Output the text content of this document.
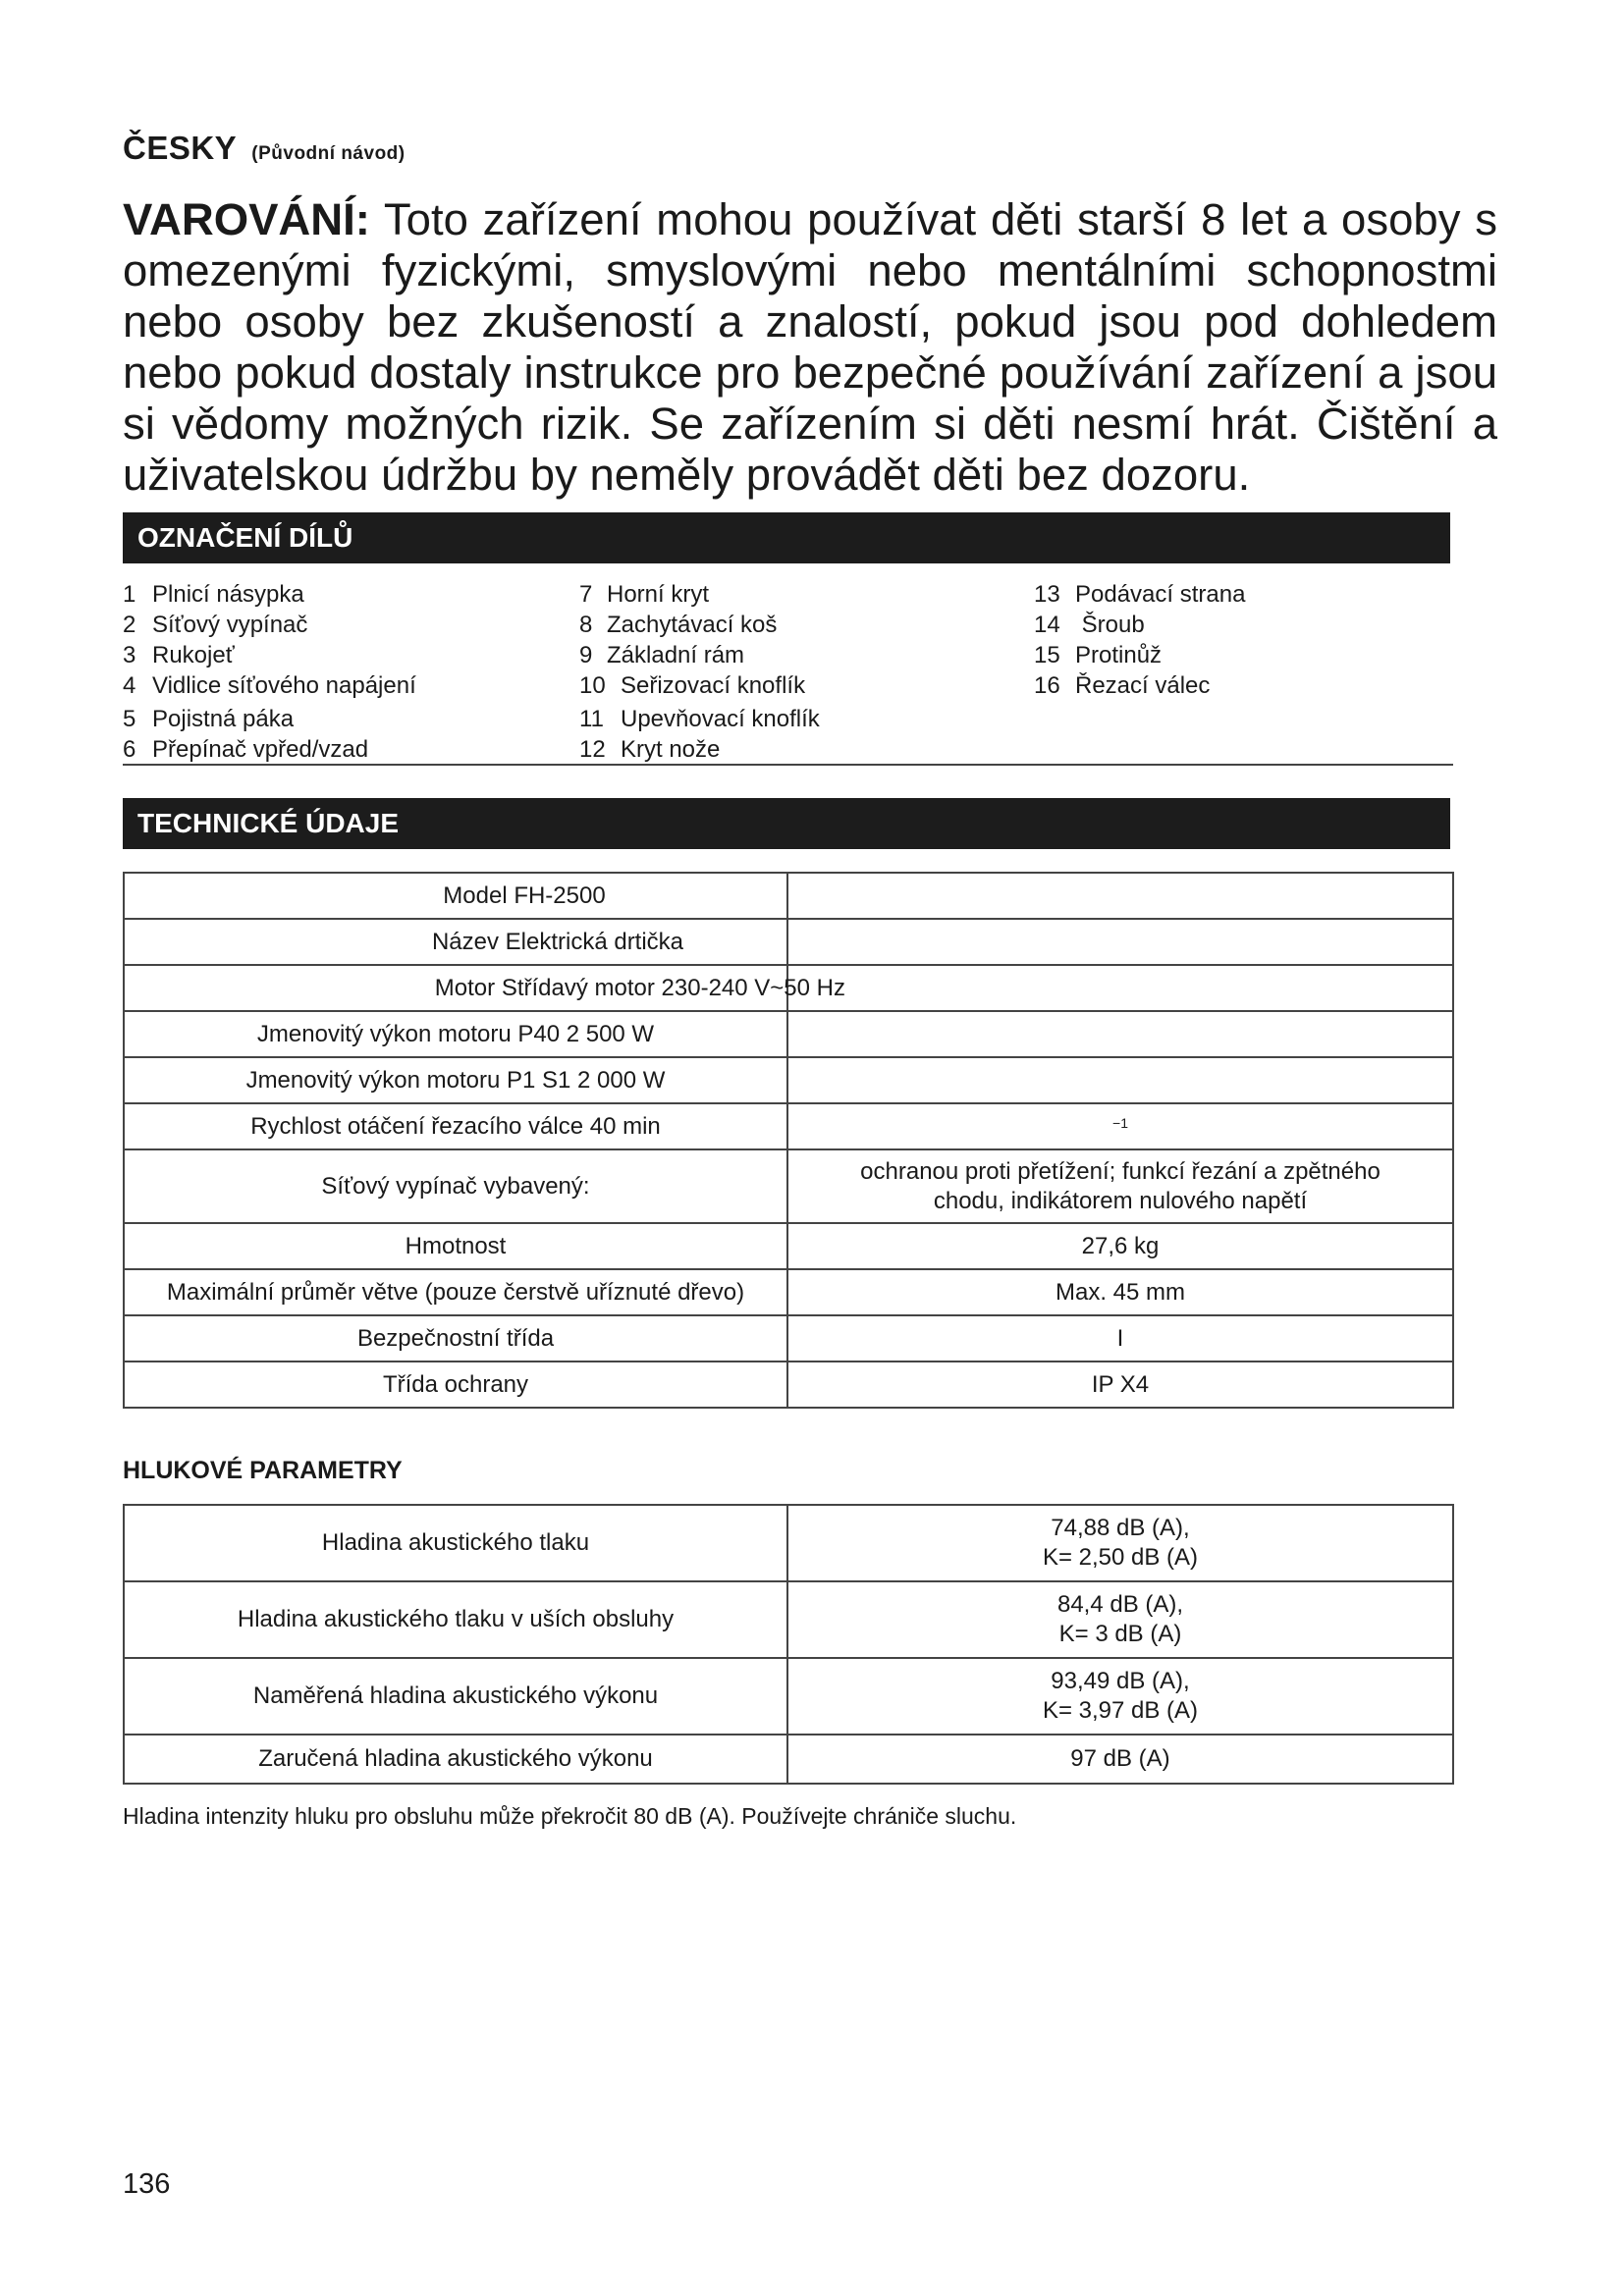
ČESKY (Původní návod)
VAROVÁNÍ: Toto zařízení mohou používat děti starší 8 let a osoby s omezenými fyzickými, smyslovými nebo mentálními schopnostmi nebo osoby bez zkušeností a znalostí, pokud jsou pod dohledem nebo pokud dostaly instrukce pro bezpečné používání zařízení a jsou si vědomy možných rizik. Se zařízením si děti nesmí hrát. Čištění a uživatelskou údržbu by neměly provádět děti bez dozoru.
OZNAČENÍ DÍLŮ
1 Plnicí násypka
2 Síťový vypínač
3 Rukojeť
4 Vidlice síťového napájení
5 Pojistná páka
6 Přepínač vpřed/vzad
7 Horní kryt
8 Zachytávací koš
9 Základní rám
10 Seřizovací knoflík
11 Upevňovací knoflík
12 Kryt nože
13 Podávací strana
14 Šroub
15 Protinůž
16 Řezací válec
TECHNICKÉ ÚDAJE
Model FH-2500	
Název Elektrická drtička	

Motor Střídavý motor 230-240 V~50 Hz	

Jmenovitý výkon motoru P40 2 500 W	
Jmenovitý výkon motoru P1 S1 2 000 W	
Rychlost otáčení řezacího válce 40 min	$^{-1}$
Síťový vypínač vybavený:	ochranou proti přetížení; funkcí řezání a zpětného chodu, indikátorem nulového napětí
Hmotnost	27,6 kg
Maximální průměr větve (pouze čerstvě uříznuté dřevo)	Max. 45 mm
Bezpečnostní třída	I
Třída ochrany	IP X4
HLUKOVÉ PARAMETRY
Hladina akustického tlaku	74,88 dB (A),
K= 2,50 dB (A)

Hladina akustického tlaku v uších obsluhy	84,4 dB (A),
K= 3 dB (A)

Naměřená hladina akustického výkonu	93,49 dB (A),
K= 3,97 dB (A)

Zaručená hladina akustického výkonu	97 dB (A)
Hladina intenzity hluku pro obsluhu může překročit 80 dB (A). Používejte chrániče sluchu.
136
